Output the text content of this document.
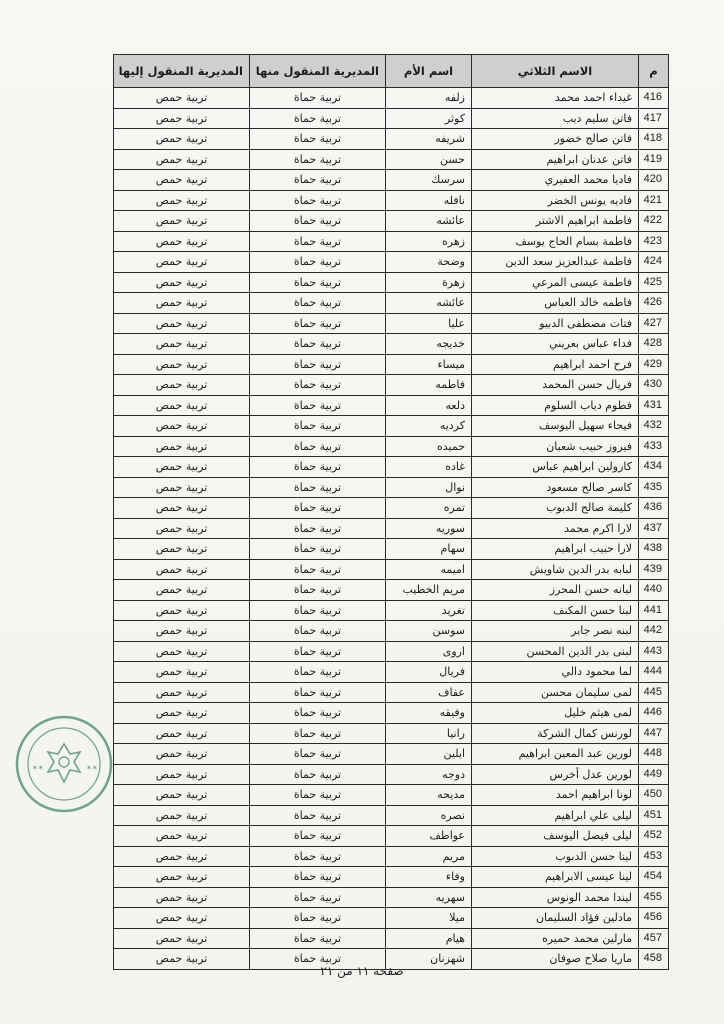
م	الاسم الثلاثي	اسم الأم	المديرية المنقول منها	المديرية المنقول إليها
416	غيداء احمد محمد	زلفه	تربية حماة	تربية حمص
417	فاتن سليم ديب	كوثر	تربية حماة	تربية حمص
418	فاتن صالح خضور	شريفه	تربية حماة	تربية حمص
419	فاتن عدنان ابراهيم	حسن	تربية حماة	تربية حمص
420	فاديا محمد العفيري	سرسك	تربية حماة	تربية حمص
421	فاديه يونس الخضر	نافله	تربية حماة	تربية حمص
422	فاطمة ابراهيم الاشتر	عائشه	تربية حماة	تربية حمص
423	فاطمة بسام الحاج يوسف	زهره	تربية حماة	تربية حمص
424	فاطمة عبدالعزيز سعد الدين	وضحة	تربية حماة	تربية حمص
425	فاطمة عيسى المرعي	زهرة	تربية حماة	تربية حمص
426	فاطمه خالد العباس	عائشه	تربية حماة	تربية حمص
427	فتات مصطفى الدبيو	عليا	تربية حماة	تربية حمص
428	فداء عباس بعريني	خديجه	تربية حماة	تربية حمص
429	فرح احمد ابراهيم	ميساء	تربية حماة	تربية حمص
430	فريال حسن المحمد	فاطمه	تربية حماة	تربية حمص
431	فطوم دياب السلوم	دلعه	تربية حماة	تربية حمص
432	فيحاء سهيل اليوسف	كرديه	تربية حماة	تربية حمص
433	فيروز حبيب شعبان	حميده	تربية حماة	تربية حمص
434	كارولين ابراهيم عباس	غاده	تربية حماة	تربية حمص
435	كاسر صالح مسعود	نوال	تربية حماة	تربية حمص
436	كليمة صالح الدبوب	تمره	تربية حماة	تربية حمص
437	لارا اكرم محمد	سوريه	تربية حماة	تربية حمص
438	لارا حبيب ابراهيم	سهام	تربية حماة	تربية حمص
439	لبابه بدر الدين شاويش	اميمه	تربية حماة	تربية حمص
440	لبانه حسن المحرز	مريم الخطيب	تربية حماة	تربية حمص
441	لبنا حسن المكنف	تغريد	تربية حماة	تربية حمص
442	لبنه نصر جابر	سوسن	تربية حماة	تربية حمص
443	لبنى بدر الدين المحسن	اروى	تربية حماة	تربية حمص
444	لما محمود دالي	فريال	تربية حماة	تربية حمص
445	لمى سليمان محسن	عفاف	تربية حماة	تربية حمص
446	لمى هيثم خليل	وفيقه	تربية حماة	تربية حمص
447	لورنس كمال الشركة	رانيا	تربية حماة	تربية حمص
448	لورين عبد المعين ابراهيم	ايلين	تربية حماة	تربية حمص
449	لورين عدل أخرس	دوجه	تربية حماة	تربية حمص
450	لونا ابراهيم احمد	مديحه	تربية حماة	تربية حمص
451	ليلى علي ابراهيم	نصره	تربية حماة	تربية حمص
452	ليلى فيصل اليوسف	عواطف	تربية حماة	تربية حمص
453	لينا حسن الدبوب	مريم	تربية حماة	تربية حمص
454	لينا عيسى الابراهيم	وفاء	تربية حماة	تربية حمص
455	ليندا محمد الونوس	سهريه	تربية حماة	تربية حمص
456	مادلين فؤاد السليمان	ميلا	تربية حماة	تربية حمص
457	مارلين محمد حميره	هيام	تربية حماة	تربية حمص
458	ماريا صلاح صوفان	شهزنان	تربية حماة	تربية حمص
صفحة ١١ من ٢١
✶✶	✶✶
